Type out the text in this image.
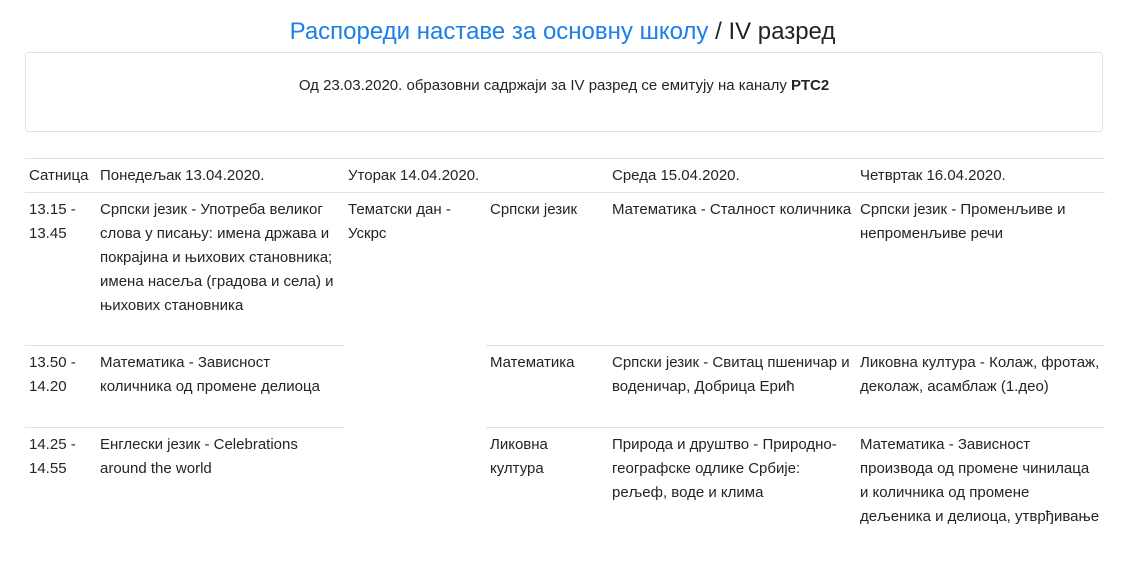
Распореди наставе за основну школу / IV разред

Од 23.03.2020. образовни садржаји за IV разред се емитују на каналу РТС2

Сатница	Понедељак 13.04.2020.	Уторак 14.04.2020.		Среда 15.04.2020.	Четвртак 16.04.2020.
13.15 - 13.45	Српски језик - Употреба великог слова у писању: имена држава и покрајина и њихових становника; имена насеља (градова и села) и њихових становника	Тематски дан - Ускрс	Српски језик	Математика - Сталност количника	Српски језик - Променљиве и непроменљиве речи
13.50 - 14.20	Математика - Зависност количника од промене делиоца		Математика	Српски језик - Свитац пшеничар и воденичар, Добрица Ерић	Ликовна култура - Колаж, фротаж, деколаж, асамблаж (1.део)
14.25 - 14.55	Енглески језик - Celebrations around the world		Ликовна култура	Природа и друштво - Природно-географске одлике Србије: рељеф, воде и клима	Математика - Зависност производа од промене чинилаца и количника од промене дељеника и делиоца, утврђивање
